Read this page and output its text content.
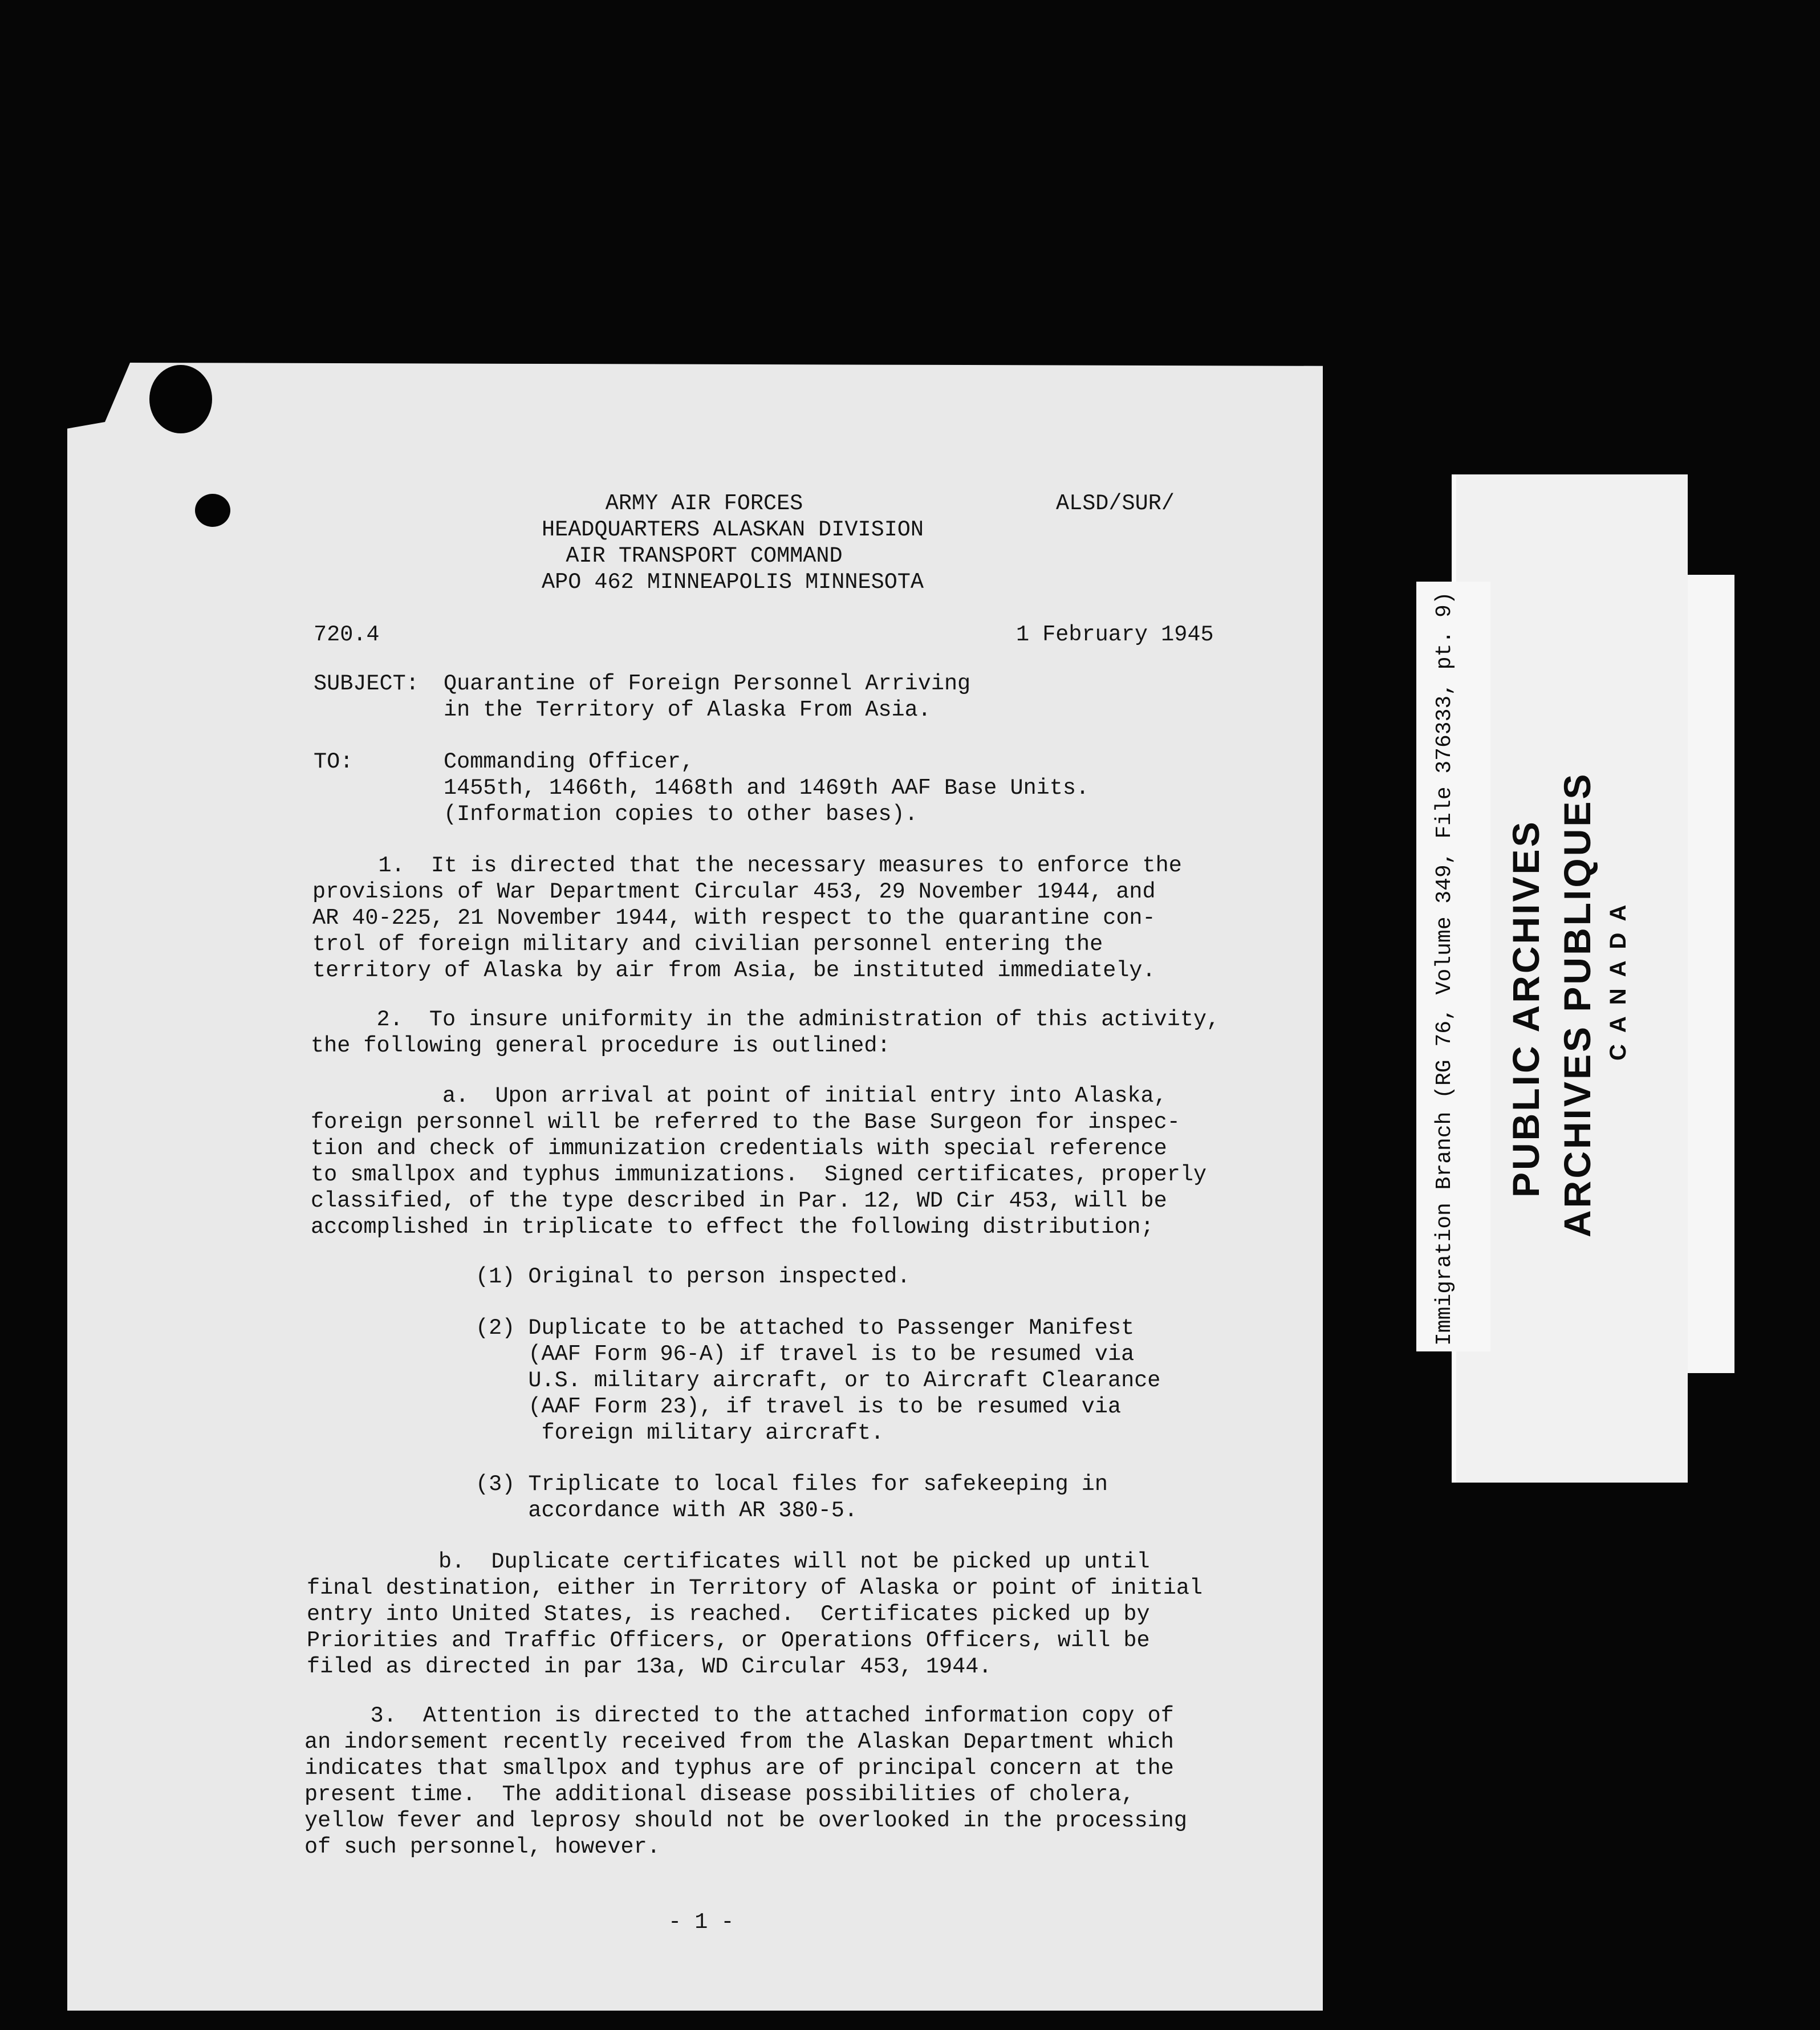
ARMY AIR FORCES
HEADQUARTERS ALASKAN DIVISION
AIR TRANSPORT COMMAND
APO 462 MINNEAPOLIS MINNESOTA
ALSD/SUR/
720.4	1 February 1945
SUBJECT: Quarantine of Foreign Personnel Arriving
in the Territory of Alaska From Asia.
TO:	Commanding Officer,
1455th, 1466th, 1468th and 1469th AAF Base Units.
(Information copies to other bases).
1.  It is directed that the necessary measures to enforce the
provisions of War Department Circular 453, 29 November 1944, and
AR 40-225, 21 November 1944, with respect to the quarantine con-
trol of foreign military and civilian personnel entering the
territory of Alaska by air from Asia, be instituted immediately.
2.  To insure uniformity in the administration of this activity,
the following general procedure is outlined:
a.  Upon arrival at point of initial entry into Alaska,
foreign personnel will be referred to the Base Surgeon for inspec-
tion and check of immunization credentials with special reference
to smallpox and typhus immunizations.  Signed certificates, properly
classified, of the type described in Par. 12, WD Cir 453, will be
accomplished in triplicate to effect the following distribution;
(1) Original to person inspected.
(2) Duplicate to be attached to Passenger Manifest
(AAF Form 96-A) if travel is to be resumed via
U.S. military aircraft, or to Aircraft Clearance
(AAF Form 23), if travel is to be resumed via
foreign military aircraft.
(3) Triplicate to local files for safekeeping in
accordance with AR 380-5.
b.  Duplicate certificates will not be picked up until
final destination, either in Territory of Alaska or point of initial
entry into United States, is reached.  Certificates picked up by
Priorities and Traffic Officers, or Operations Officers, will be
filed as directed in par 13a, WD Circular 453, 1944.
3.  Attention is directed to the attached information copy of
an indorsement recently received from the Alaskan Department which
indicates that smallpox and typhus are of principal concern at the
present time.  The additional disease possibilities of cholera,
yellow fever and leprosy should not be overlooked in the processing
of such personnel, however.
- 1 -
Immigration Branch (RG 76, Volume 349, File 376333, pt. 9) PUBLIC ARCHIVES ARCHIVES PUBLIQUES CANADA
